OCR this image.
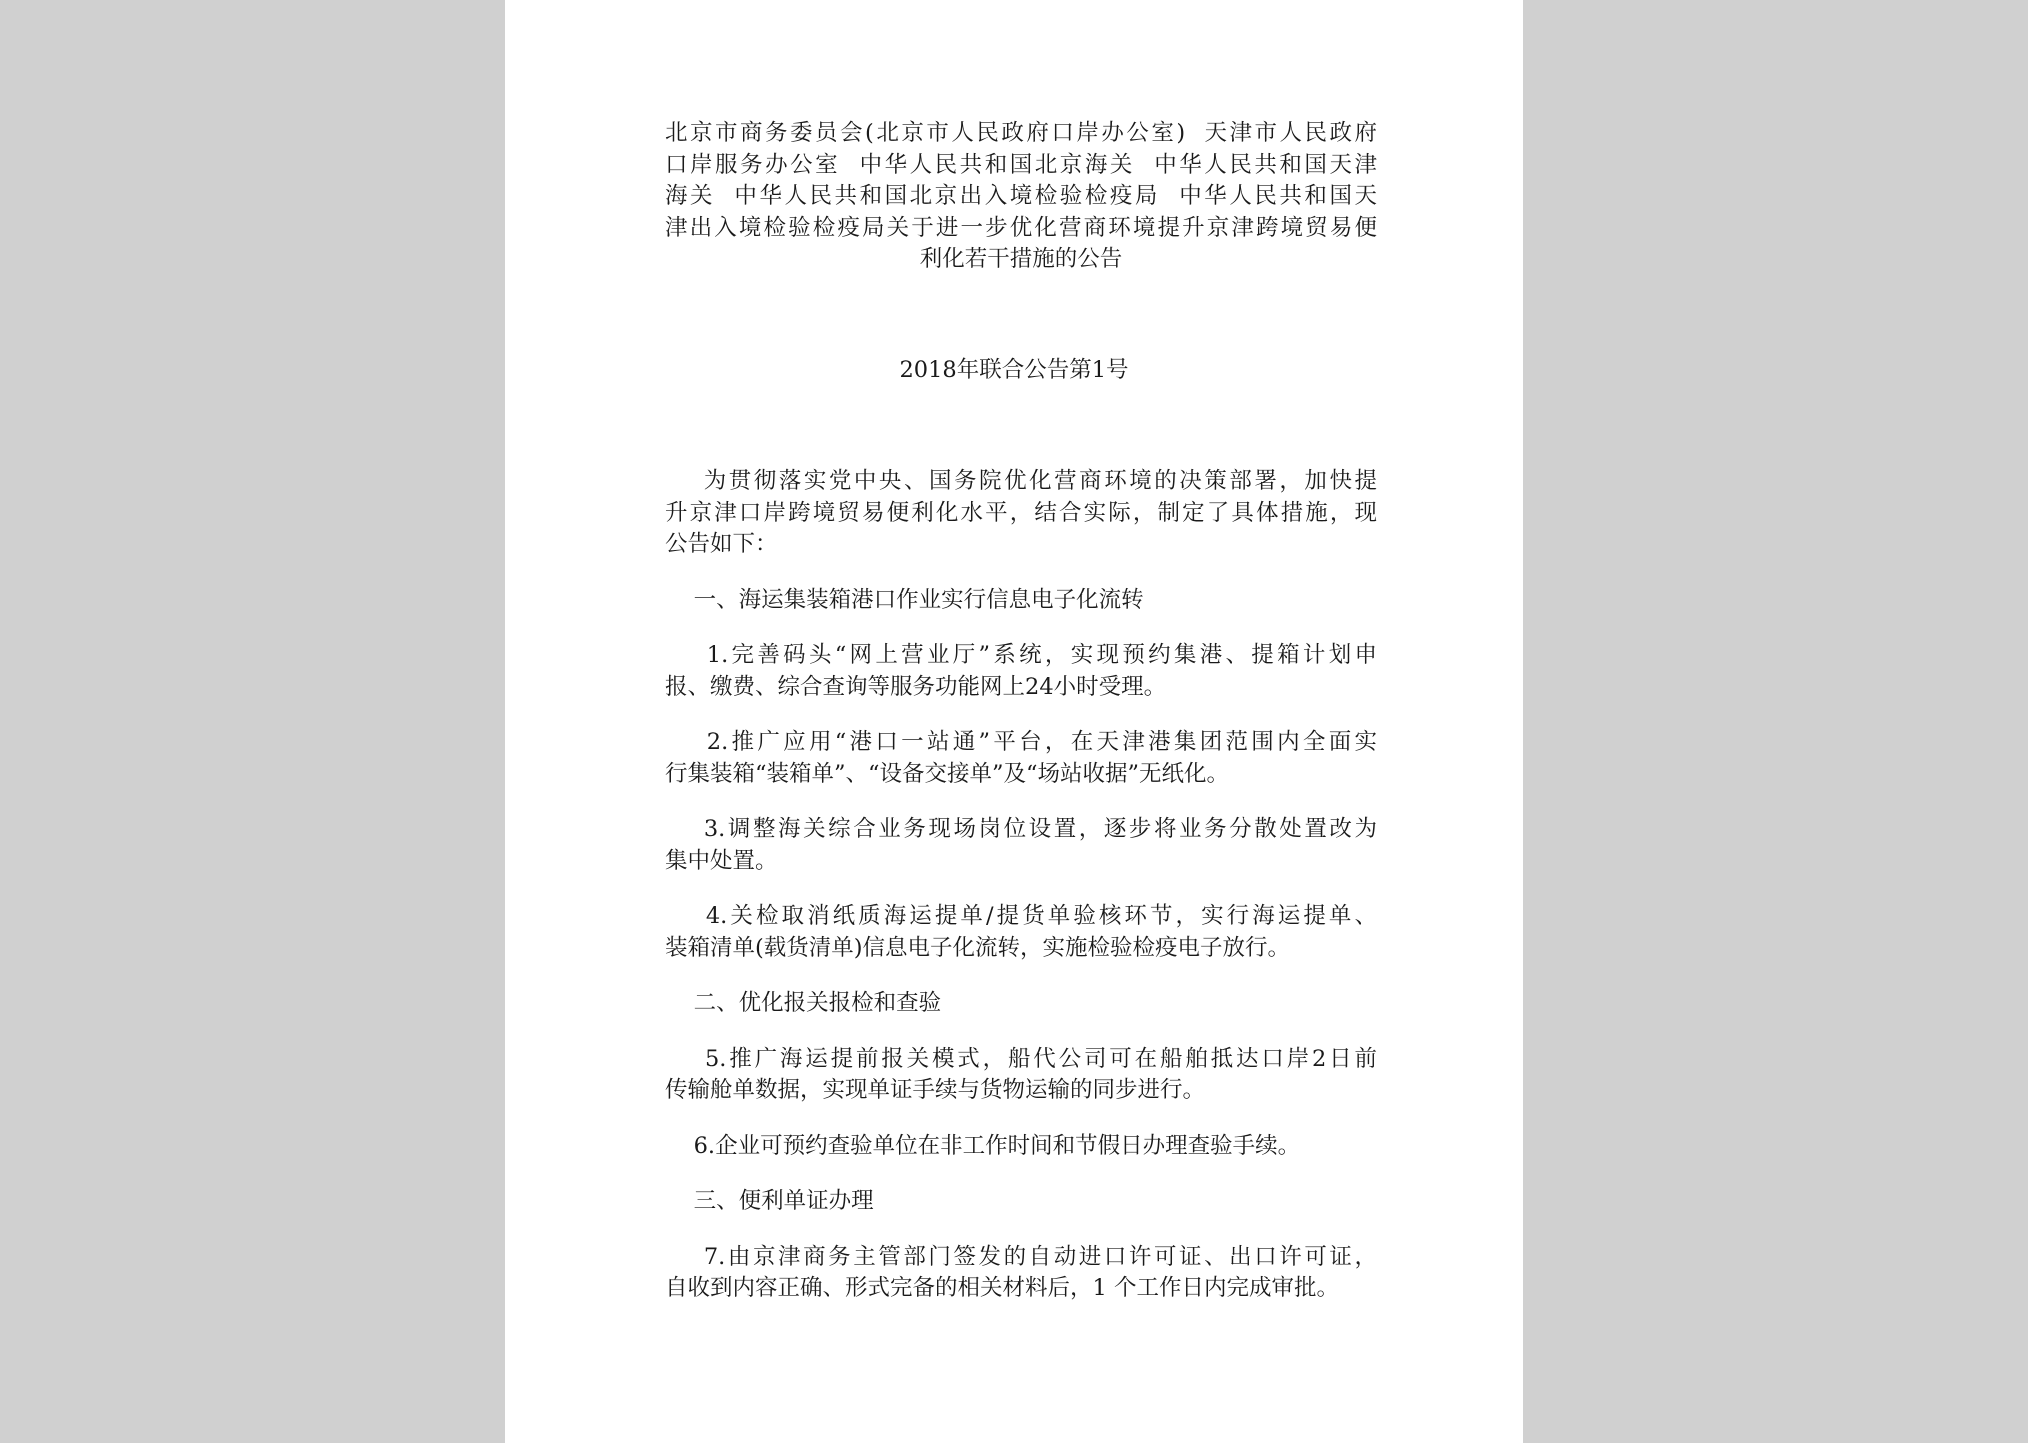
北京市商务委员会(北京市人民政府口岸办公室)  天津市人民政府
口岸服务办公室  中华人民共和国北京海关  中华人民共和国天津
海关  中华人民共和国北京出入境检验检疫局  中华人民共和国天
津出入境检验检疫局关于进一步优化营商环境提升京津跨境贸易便
利化若干措施的公告
2018年联合公告第1号
为贯彻落实党中央、国务院优化营商环境的决策部署，加快提
升京津口岸跨境贸易便利化水平，结合实际，制定了具体措施，现
公告如下：
一、海运集装箱港口作业实行信息电子化流转
1.完善码头“网上营业厅”系统，实现预约集港、提箱计划申
报、缴费、综合查询等服务功能网上24小时受理。
2.推广应用“港口一站通”平台，在天津港集团范围内全面实
行集装箱“装箱单”、“设备交接单”及“场站收据”无纸化。
3.调整海关综合业务现场岗位设置，逐步将业务分散处置改为
集中处置。
4.关检取消纸质海运提单/提货单验核环节，实行海运提单、
装箱清单(载货清单)信息电子化流转，实施检验检疫电子放行。
二、优化报关报检和查验
5.推广海运提前报关模式，船代公司可在船舶抵达口岸2日前
传输舱单数据，实现单证手续与货物运输的同步进行。
6.企业可预约查验单位在非工作时间和节假日办理查验手续。
三、便利单证办理
7.由京津商务主管部门签发的自动进口许可证、出口许可证，
自收到内容正确、形式完备的相关材料后，1 个工作日内完成审批。
